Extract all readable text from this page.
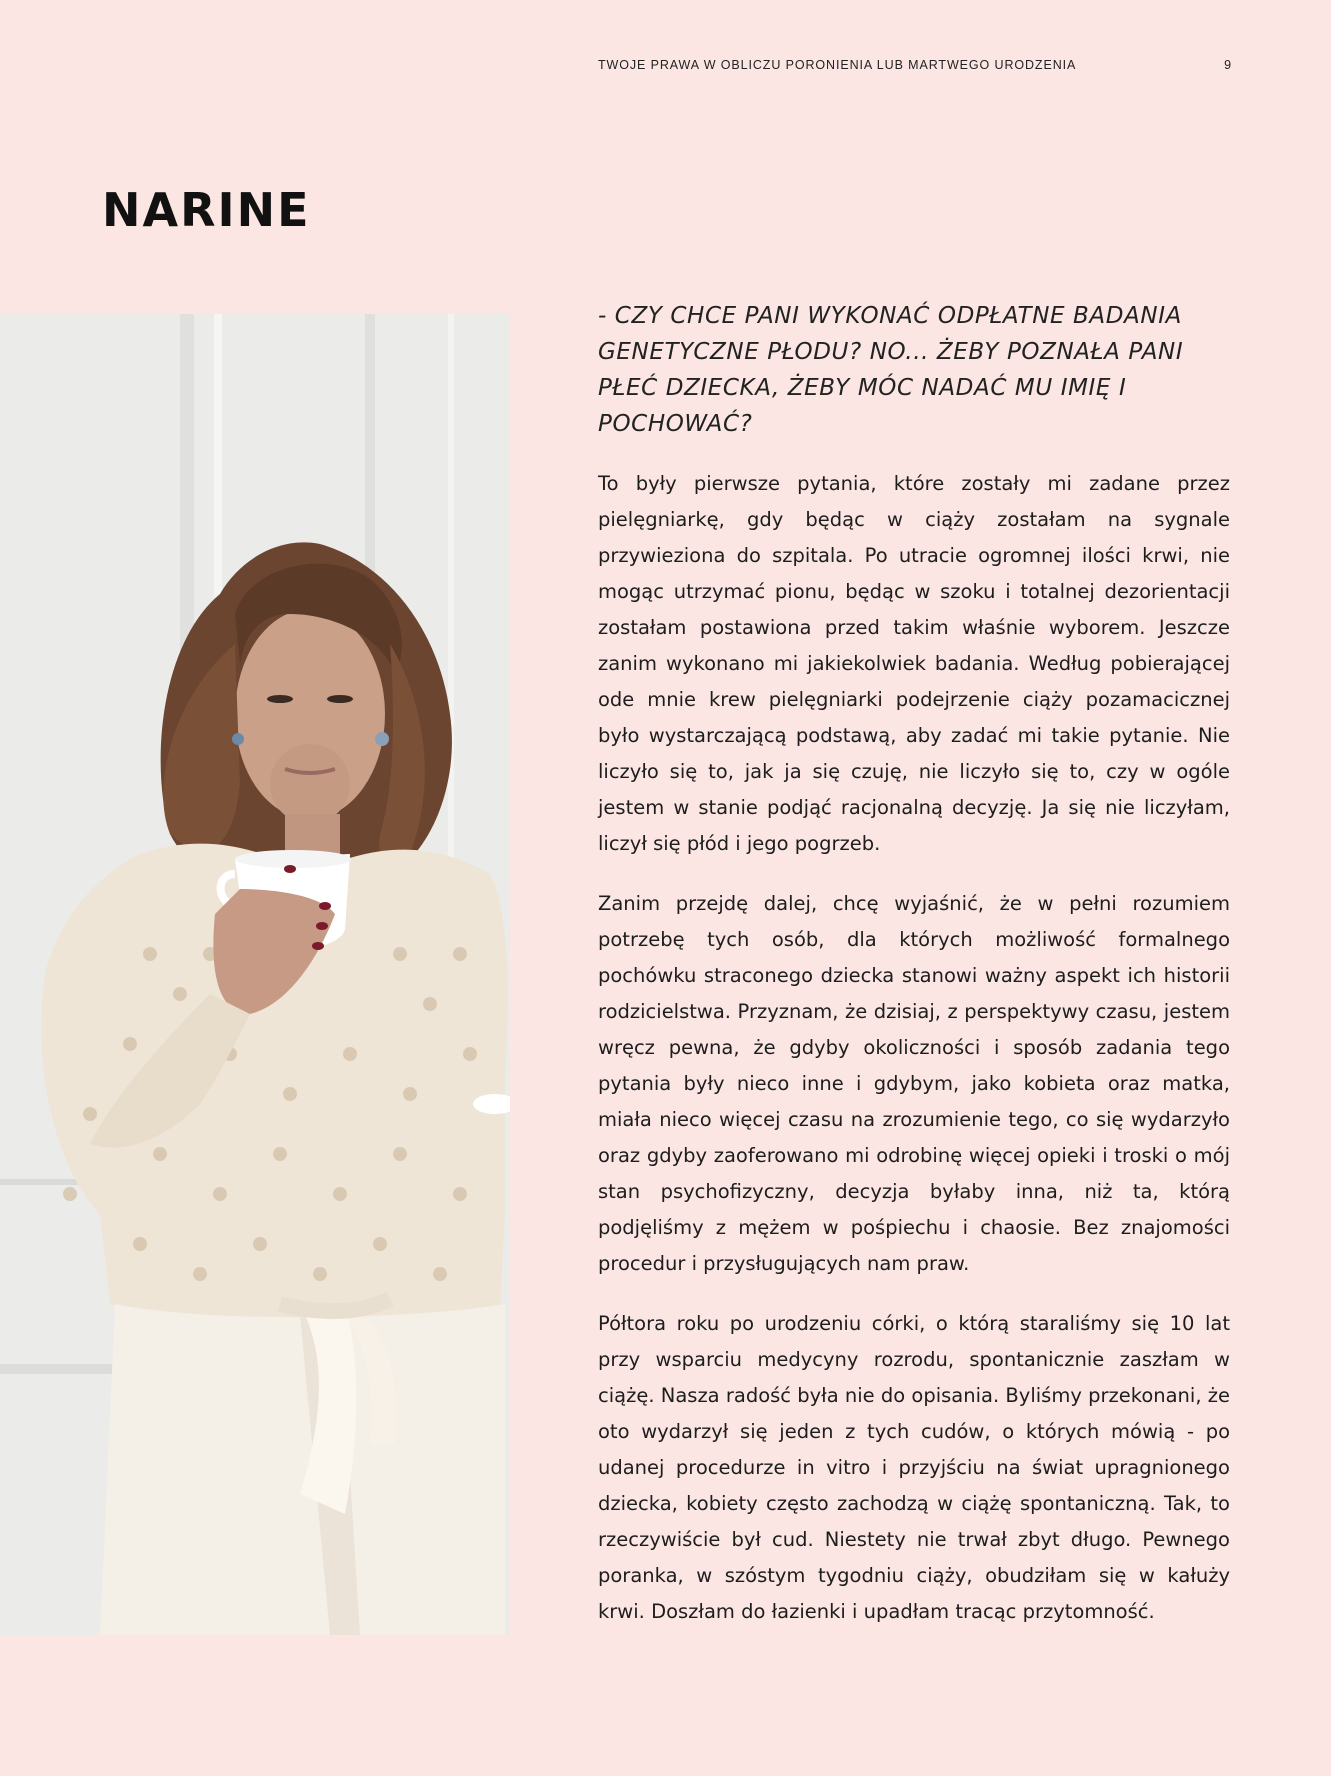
TWOJE PRAWA W OBLICZU PORONIENIA LUB MARTWEGO URODZENIA	9
NARINE
- CZY CHCE PANI WYKONAĆ ODPŁATNE BADANIA GENETYCZNE PŁODU? NO... ŻEBY POZNAŁA PANI PŁEĆ DZIECKA, ŻEBY MÓC NADAĆ MU IMIĘ I POCHOWAĆ?

To były pierwsze pytania, które zostały mi zadane przez pielęgniarkę, gdy będąc w ciąży zostałam na sygnale przywieziona do szpitala. Po utracie ogromnej ilości krwi, nie mogąc utrzymać pionu, będąc w szoku i totalnej dezorientacji zostałam postawiona przed takim właśnie wyborem. Jeszcze zanim wykonano mi jakiekolwiek badania. Według pobierającej ode mnie krew pielęgniarki podejrzenie ciąży pozamacicznej było wystarczającą podstawą, aby zadać mi takie pytanie. Nie liczyło się to, jak ja się czuję, nie liczyło się to, czy w ogóle jestem w stanie podjąć racjonalną decyzję. Ja się nie liczyłam, liczył się płód i jego pogrzeb.

Zanim przejdę dalej, chcę wyjaśnić, że w pełni rozumiem potrzebę tych osób, dla których możliwość formalnego pochówku straconego dziecka stanowi ważny aspekt ich historii rodzicielstwa. Przyznam, że dzisiaj, z perspektywy czasu, jestem wręcz pewna, że gdyby okoliczności i sposób zadania tego pytania były nieco inne i gdybym, jako kobieta oraz matka, miała nieco więcej czasu na zrozumienie tego, co się wydarzyło oraz gdyby zaoferowano mi odrobinę więcej opieki i troski o mój stan psychofizyczny, decyzja byłaby inna, niż ta, którą podjęliśmy z mężem w pośpiechu i chaosie. Bez znajomości procedur i przysługujących nam praw.

Półtora roku po urodzeniu córki, o którą staraliśmy się 10 lat przy wsparciu medycyny rozrodu, spontanicznie zaszłam w ciążę. Nasza radość była nie do opisania. Byliśmy przekonani, że oto wydarzył się jeden z tych cudów, o których mówią - po udanej procedurze in vitro i przyjściu na świat upragnionego dziecka, kobiety często zachodzą w ciążę spontaniczną. Tak, to rzeczywiście był cud. Niestety nie trwał zbyt długo. Pewnego poranka, w szóstym tygodniu ciąży, obudziłam się w kałuży krwi. Doszłam do łazienki i upadłam tracąc przytomność.
